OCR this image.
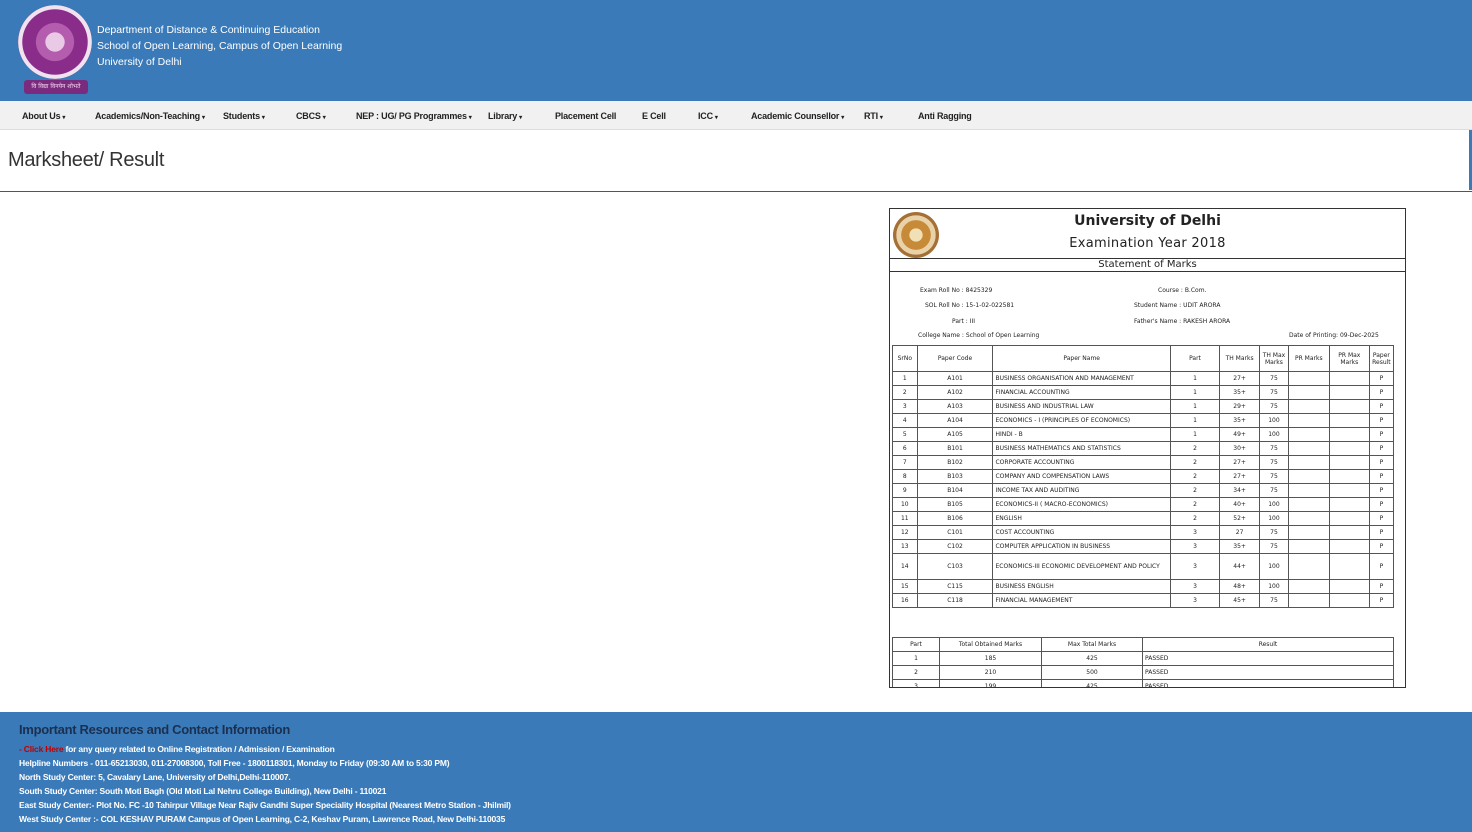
वि विद्या विनयेन शोभते
Department of Distance & Continuing Education
School of Open Learning, Campus of Open Learning
University of Delhi
About Us ▾	Academics/Non-Teaching ▾ Students ▾	CBCS ▾	NEP : UG/ PG Programmes ▾ Library ▾	Placement Cell	E Cell	ICC ▾	Academic Counsellor ▾ RTI ▾	Anti Ragging
Marksheet/ Result
University of Delhi
Examination Year 2018
Statement of Marks
Exam Roll No : 8425329	Course : B.Com.
SOL Roll No : 15-1-02-022581	Student Name : UDIT ARORA
Part : III	Father's Name : RAKESH ARORA
College Name : School of Open Learning	Date of Printing: 09-Dec-2025
SrNo	Paper Code	Paper Name	Part	TH Marks	TH Max Marks	PR Marks	PR Max Marks	Paper Result
1	A101	BUSINESS ORGANISATION AND MANAGEMENT	1	27+	75			P
2	A102	FINANCIAL ACCOUNTING	1	35+	75			P
3	A103	BUSINESS AND INDUSTRIAL LAW	1	29+	75			P
4	A104	ECONOMICS - I (PRINCIPLES OF ECONOMICS)	1	35+	100			P
5	A105	HINDI - B	1	49+	100			P
6	B101	BUSINESS MATHEMATICS AND STATISTICS	2	30+	75			P
7	B102	CORPORATE ACCOUNTING	2	27+	75			P
8	B103	COMPANY AND COMPENSATION LAWS	2	27+	75			P
9	B104	INCOME TAX AND AUDITING	2	34+	75			P
10	B105	ECONOMICS-II ( MACRO-ECONOMICS)	2	40+	100			P
11	B106	ENGLISH	2	52+	100			P
12	C101	COST ACCOUNTING	3	27	75			P
13	C102	COMPUTER APPLICATION IN BUSINESS	3	35+	75			P
14	C103	ECONOMICS-III ECONOMIC DEVELOPMENT AND POLICY	3	44+	100			P
15	C115	BUSINESS ENGLISH	3	48+	100			P
16	C118	FINANCIAL MANAGEMENT	3	45+	75			P
Part	Total Obtained Marks	Max Total Marks	Result
1	185	425	PASSED
2	210	500	PASSED
3	199	425	PASSED
Important Resources and Contact Information
- Click Here for any query related to Online Registration / Admission / Examination
Helpline Numbers - 011-65213030, 011-27008300, Toll Free - 1800118301, Monday to Friday (09:30 AM to 5:30 PM)
North Study Center: 5, Cavalary Lane, University of Delhi,Delhi-110007.
South Study Center: South Moti Bagh (Old Moti Lal Nehru College Building), New Delhi - 110021
East Study Center:- Plot No. FC -10 Tahirpur Village Near Rajiv Gandhi Super Speciality Hospital (Nearest Metro Station - Jhilmil)
West Study Center :- COL KESHAV PURAM Campus of Open Learning, C-2, Keshav Puram, Lawrence Road, New Delhi-110035
